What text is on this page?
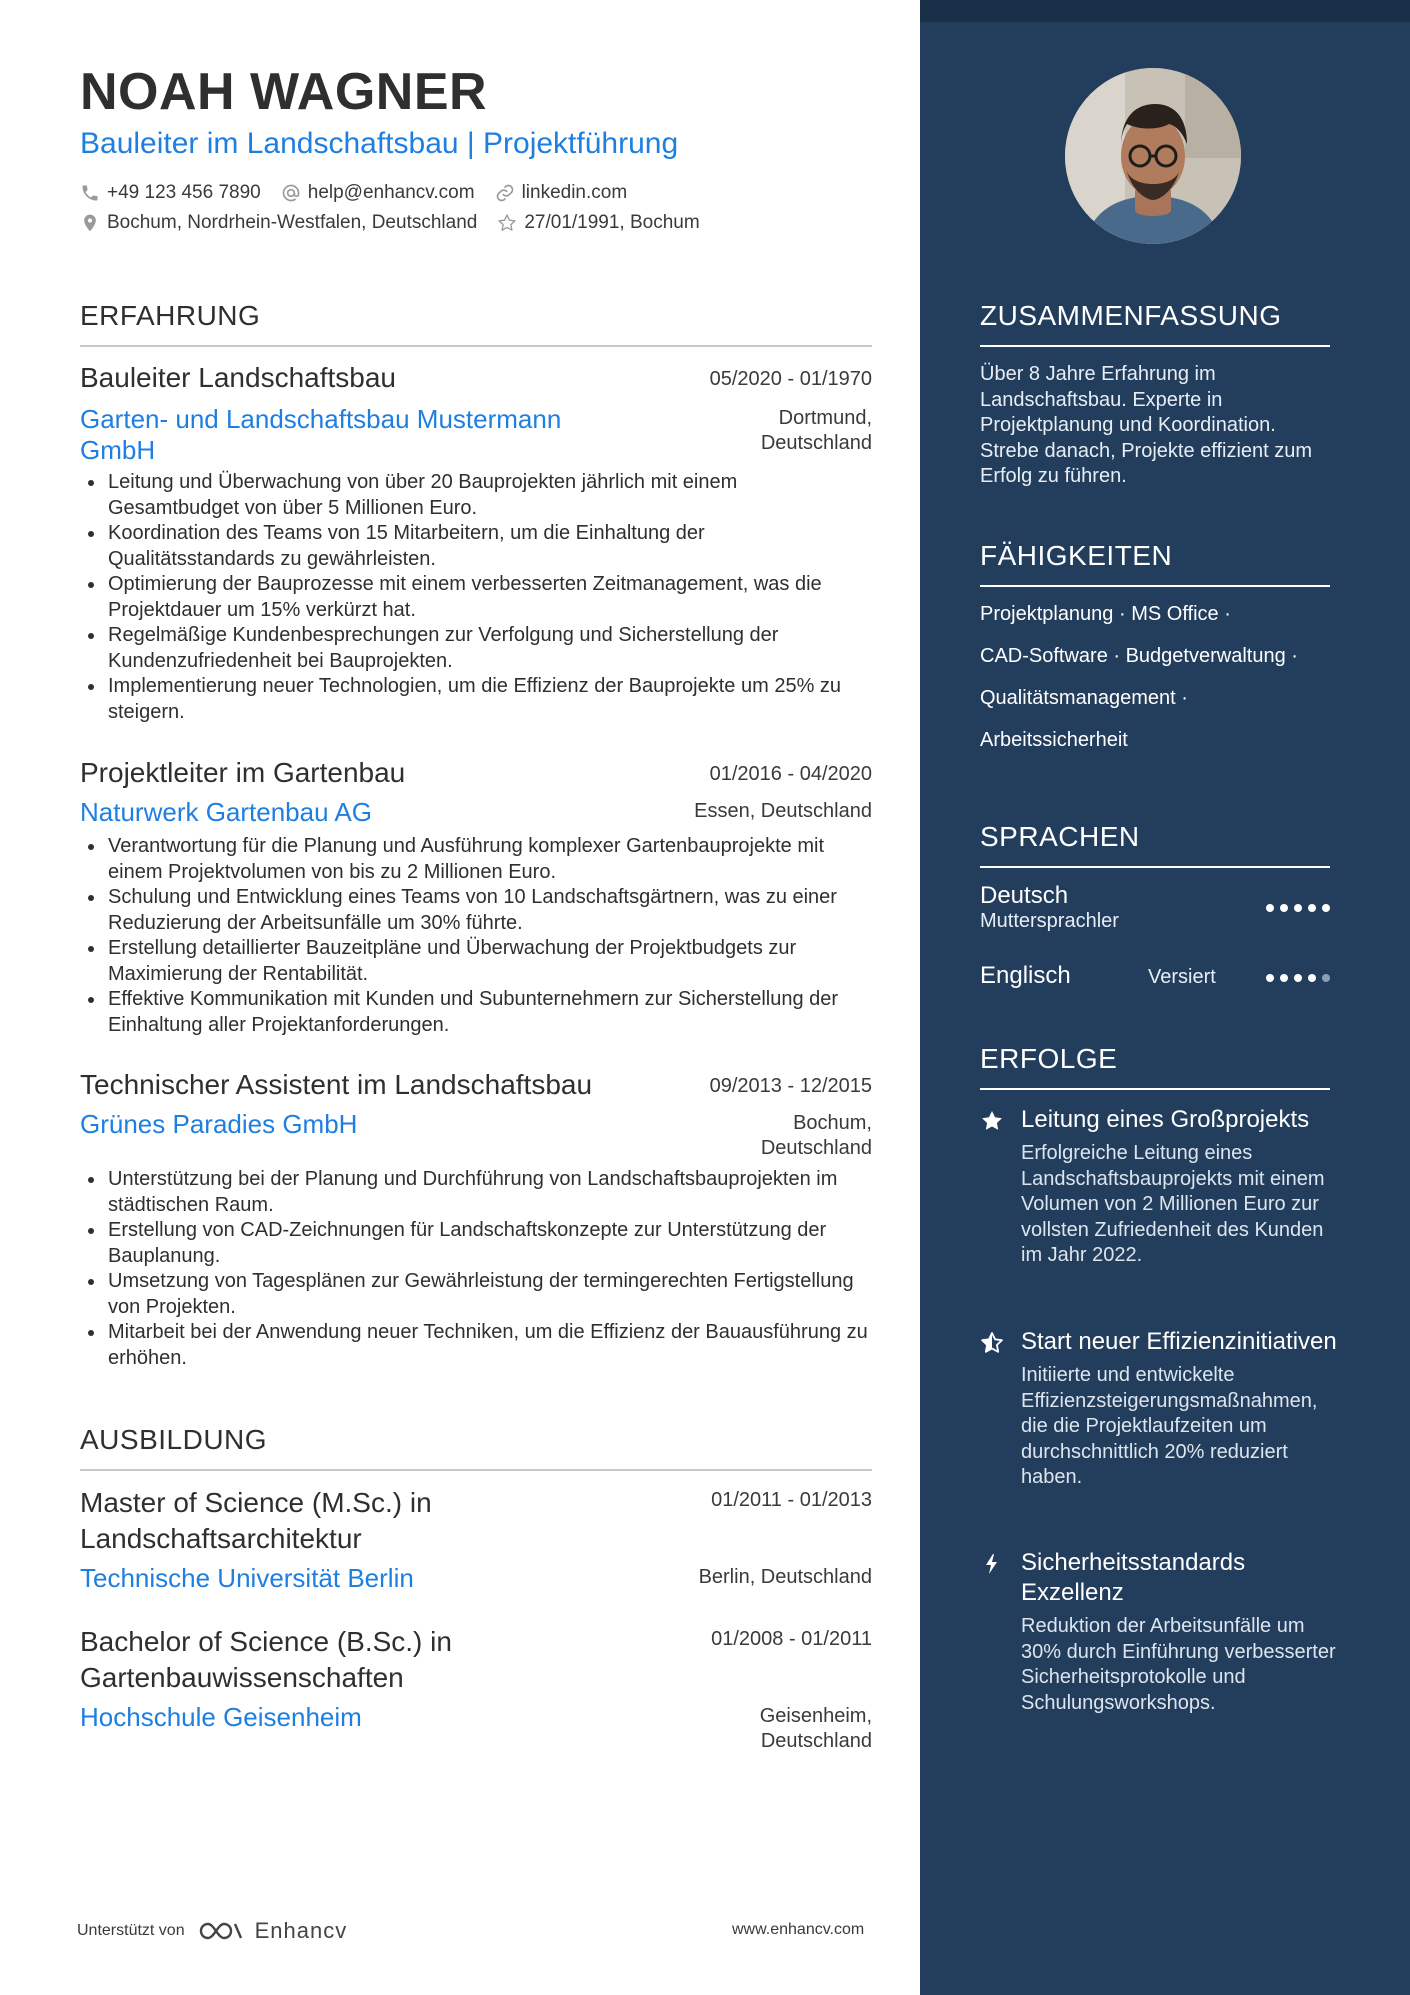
NOAH WAGNER
Bauleiter im Landschaftsbau | Projektführung
+49 123 456 7890 help@enhancv.com linkedin.com
Bochum, Nordrhein-Westfalen, Deutschland 27/01/1991, Bochum
ERFAHRUNG
Bauleiter Landschaftsbau	05/2020 - 01/1970
Garten- und Landschaftsbau Mustermann GmbH
Dortmund,
Deutschland
Leitung und Überwachung von über 20 Bauprojekten jährlich mit einem Gesamtbudget von über 5 Millionen Euro.
Koordination des Teams von 15 Mitarbeitern, um die Einhaltung der Qualitätsstandards zu gewährleisten.
Optimierung der Bauprozesse mit einem verbesserten Zeitmanagement, was die Projektdauer um 15% verkürzt hat.
Regelmäßige Kundenbesprechungen zur Verfolgung und Sicherstellung der Kundenzufriedenheit bei Bauprojekten.
Implementierung neuer Technologien, um die Effizienz der Bauprojekte um 25% zu steigern.
Projektleiter im Gartenbau	01/2016 - 04/2020
Naturwerk Gartenbau AG	Essen, Deutschland
Verantwortung für die Planung und Ausführung komplexer Gartenbauprojekte mit einem Projektvolumen von bis zu 2 Millionen Euro.
Schulung und Entwicklung eines Teams von 10 Landschaftsgärtnern, was zu einer Reduzierung der Arbeitsunfälle um 30% führte.
Erstellung detaillierter Bauzeitpläne und Überwachung der Projektbudgets zur Maximierung der Rentabilität.
Effektive Kommunikation mit Kunden und Subunternehmern zur Sicherstellung der Einhaltung aller Projektanforderungen.
Technischer Assistent im Landschaftsbau	09/2013 - 12/2015
Grünes Paradies GmbH	Bochum,
Deutschland
Unterstützung bei der Planung und Durchführung von Landschaftsbauprojekten im städtischen Raum.
Erstellung von CAD-Zeichnungen für Landschaftskonzepte zur Unterstützung der Bauplanung.
Umsetzung von Tagesplänen zur Gewährleistung der termingerechten Fertigstellung von Projekten.
Mitarbeit bei der Anwendung neuer Techniken, um die Effizienz der Bauausführung zu erhöhen.
AUSBILDUNG
Master of Science (M.Sc.) in
Landschaftsarchitektur
01/2011 - 01/2013
Technische Universität Berlin	Berlin, Deutschland
Bachelor of Science (B.Sc.) in
Gartenbauwissenschaften
01/2008 - 01/2011
Hochschule Geisenheim	Geisenheim,
Deutschland
Unterstützt von	Enhancv	www.enhancv.com
ZUSAMMENFASSUNG
Über 8 Jahre Erfahrung im Landschaftsbau. Experte in Projektplanung und Koordination. Strebe danach, Projekte effizient zum Erfolg zu führen.
FÄHIGKEITEN
Projektplanung · MS Office ·
CAD-Software · Budgetverwaltung ·
Qualitätsmanagement ·
Arbeitssicherheit
SPRACHEN
Deutsch
Muttersprachler
Englisch	Versiert
ERFOLGE
Leitung eines Großprojekts
Erfolgreiche Leitung eines Landschaftsbauprojekts mit einem Volumen von 2 Millionen Euro zur vollsten Zufriedenheit des Kunden im Jahr 2022.
Start neuer Effizienzinitiativen
Initiierte und entwickelte Effizienzsteigerungsmaßnahmen, die die Projektlaufzeiten um durchschnittlich 20% reduziert haben.
Sicherheitsstandards Exzellenz
Reduktion der Arbeitsunfälle um 30% durch Einführung verbesserter Sicherheitsprotokolle und Schulungsworkshops.
